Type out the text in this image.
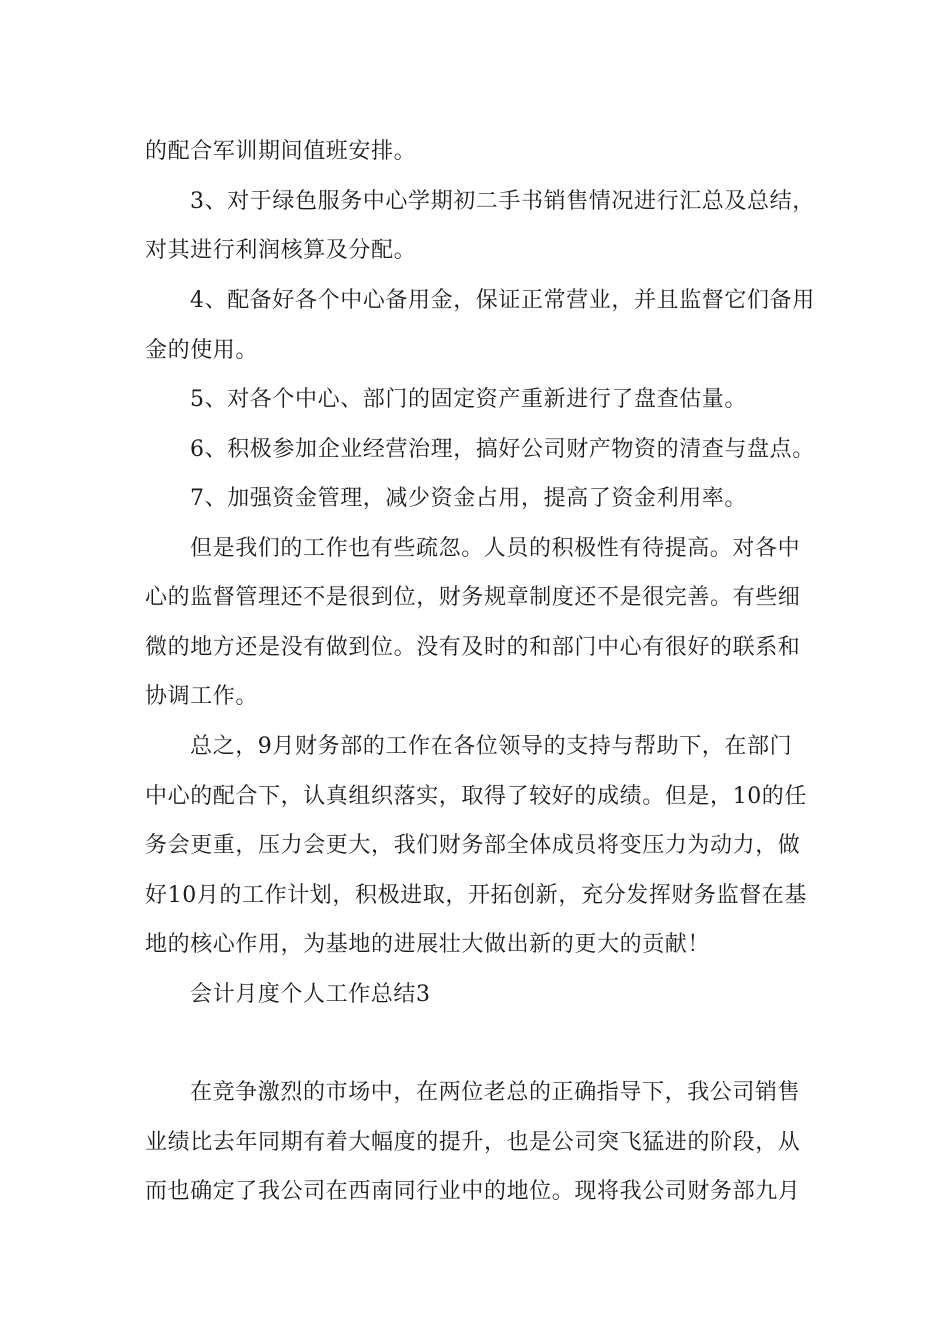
的配合军训期间值班安排。
3、对于绿色服务中心学期初二手书销售情况进行汇总及总结，
对其进行利润核算及分配。
4、配备好各个中心备用金，保证正常营业，并且监督它们备用
金的使用。
5、对各个中心、部门的固定资产重新进行了盘查估量。
6、积极参加企业经营治理，搞好公司财产物资的清查与盘点。
7、加强资金管理，减少资金占用，提高了资金利用率。
但是我们的工作也有些疏忽。人员的积极性有待提高。对各中
心的监督管理还不是很到位，财务规章制度还不是很完善。有些细
微的地方还是没有做到位。没有及时的和部门中心有很好的联系和
协调工作。
总之，9月财务部的工作在各位领导的支持与帮助下，在部门
中心的配合下，认真组织落实，取得了较好的成绩。但是，10的任
务会更重，压力会更大，我们财务部全体成员将变压力为动力，做
好10月的工作计划，积极进取，开拓创新，充分发挥财务监督在基
地的核心作用，为基地的进展壮大做出新的更大的贡献！
会计月度个人工作总结3
在竞争激烈的市场中，在两位老总的正确指导下，我公司销售
业绩比去年同期有着大幅度的提升，也是公司突飞猛进的阶段，从
而也确定了我公司在西南同行业中的地位。现将我公司财务部九月
